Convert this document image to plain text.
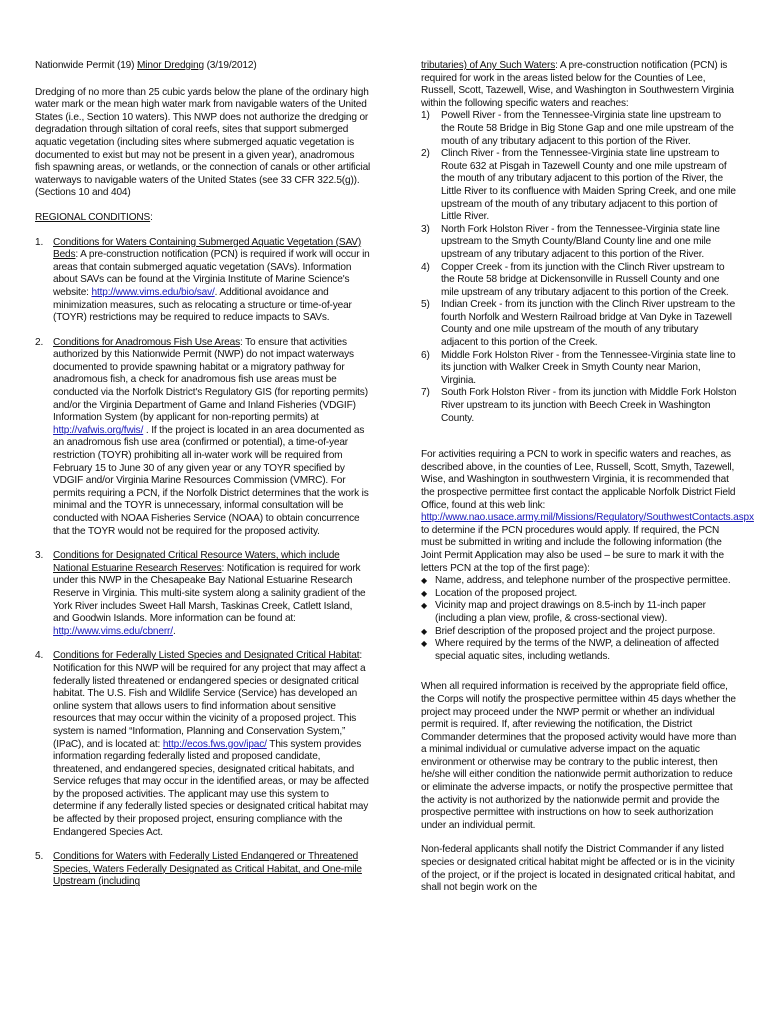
Nationwide Permit (19) Minor Dredging (3/19/2012)

Dredging of no more than 25 cubic yards below the plane of the ordinary high water mark or the mean high water mark from navigable waters of the United States (i.e., Section 10 waters). This NWP does not authorize the dredging or degradation through siltation of coral reefs, sites that support submerged aquatic vegetation (including sites where submerged aquatic vegetation is documented to exist but may not be present in a given year), anadromous fish spawning areas, or wetlands, or the connection of canals or other artificial waterways to navigable waters of the United States (see 33 CFR 322.5(g)). (Sections 10 and 404)

REGIONAL CONDITIONS:

1. Conditions for Waters Containing Submerged Aquatic Vegetation (SAV) Beds: A pre-construction notification (PCN) is required if work will occur in areas that contain submerged aquatic vegetation (SAVs). Information about SAVs can be found at the Virginia Institute of Marine Science's website: http://www.vims.edu/bio/sav/. Additional avoidance and minimization measures, such as relocating a structure or time-of-year (TOYR) restrictions may be required to reduce impacts to SAVs.
2. Conditions for Anadromous Fish Use Areas: To ensure that activities authorized by this Nationwide Permit (NWP) do not impact waterways documented to provide spawning habitat or a migratory pathway for anadromous fish, a check for anadromous fish use areas must be conducted via the Norfolk District's Regulatory GIS (for reporting permits) and/or the Virginia Department of Game and Inland Fisheries (VDGIF) Information System (by applicant for non-reporting permits) at http://vafwis.org/fwis/ . If the project is located in an area documented as an anadromous fish use area (confirmed or potential), a time-of-year restriction (TOYR) prohibiting all in-water work will be required from February 15 to June 30 of any given year or any TOYR specified by VDGIF and/or Virginia Marine Resources Commission (VMRC). For permits requiring a PCN, if the Norfolk District determines that the work is minimal and the TOYR is unnecessary, informal consultation will be conducted with NOAA Fisheries Service (NOAA) to obtain concurrence that the TOYR would not be required for the proposed activity.
3. Conditions for Designated Critical Resource Waters, which include National Estuarine Research Reserves: Notification is required for work under this NWP in the Chesapeake Bay National Estuarine Research Reserve in Virginia. This multi-site system along a salinity gradient of the York River includes Sweet Hall Marsh, Taskinas Creek, Catlett Island, and Goodwin Islands. More information can be found at: http://www.vims.edu/cbnerr/.
4. Conditions for Federally Listed Species and Designated Critical Habitat: Notification for this NWP will be required for any project that may affect a federally listed threatened or endangered species or designated critical habitat. The U.S. Fish and Wildlife Service (Service) has developed an online system that allows users to find information about sensitive resources that may occur within the vicinity of a proposed project. This system is named “Information, Planning and Conservation System,” (IPaC), and is located at: http://ecos.fws.gov/ipac/ This system provides information regarding federally listed and proposed candidate, threatened, and endangered species, designated critical habitats, and Service refuges that may occur in the identified areas, or may be affected by the proposed activities. The applicant may use this system to determine if any federally listed species or designated critical habitat may be affected by their proposed project, ensuring compliance with the Endangered Species Act.
5. Conditions for Waters with Federally Listed Endangered or Threatened Species, Waters Federally Designated as Critical Habitat, and One-mile Upstream (including

tributaries) of Any Such Waters: A pre-construction notification (PCN) is required for work in the areas listed below for the Counties of Lee, Russell, Scott, Tazewell, Wise, and Washington in Southwestern Virginia within the following specific waters and reaches:

1)	Powell River - from the Tennessee-Virginia state line upstream to the Route 58 Bridge in Big Stone Gap and one mile upstream of the mouth of any tributary adjacent to this portion of the River.
2)	Clinch River - from the Tennessee-Virginia state line upstream to Route 632 at Pisgah in Tazewell County and one mile upstream of the mouth of any tributary adjacent to this portion of the River, the Little River to its confluence with Maiden Spring Creek, and one mile upstream of the mouth of any tributary adjacent to this portion of Little River.
3)	North Fork Holston River - from the Tennessee-Virginia state line upstream to the Smyth County/Bland County line and one mile upstream of any tributary adjacent to this portion of the River.
4)	Copper Creek - from its junction with the Clinch River upstream to the Route 58 bridge at Dickensonville in Russell County and one mile upstream of any tributary adjacent to this portion of the Creek.
5)	Indian Creek - from its junction with the Clinch River upstream to the fourth Norfolk and Western Railroad bridge at Van Dyke in Tazewell County and one mile upstream of the mouth of any tributary adjacent to this portion of the Creek.
6)	Middle Fork Holston River - from the Tennessee-Virginia state line to its junction with Walker Creek in Smyth County near Marion, Virginia.
7)	South Fork Holston River - from its junction with Middle Fork Holston River upstream to its junction with Beech Creek in Washington County.

For activities requiring a PCN to work in specific waters and reaches, as described above, in the counties of Lee, Russell, Scott, Smyth, Tazewell, Wise, and Washington in southwestern Virginia, it is recommended that the prospective permittee first contact the applicable Norfolk District Field Office, found at this web link: http://www.nao.usace.army.mil/Missions/Regulatory/SouthwestContacts.aspx to determine if the PCN procedures would apply. If required, the PCN must be submitted in writing and include the following information (the Joint Permit Application may also be used – be sure to mark it with the letters PCN at the top of the first page):

◆ Name, address, and telephone number of the prospective permittee.
◆ Location of the proposed project.
◆ Vicinity map and project drawings on 8.5-inch by 11-inch paper (including a plan view, profile, & cross-sectional view).
◆ Brief description of the proposed project and the project purpose.
◆ Where required by the terms of the NWP, a delineation of affected special aquatic sites, including wetlands.

When all required information is received by the appropriate field office, the Corps will notify the prospective permittee within 45 days whether the project may proceed under the NWP permit or whether an individual permit is required. If, after reviewing the notification, the District Commander determines that the proposed activity would have more than a minimal individual or cumulative adverse impact on the aquatic environment or otherwise may be contrary to the public interest, then he/she will either condition the nationwide permit authorization to reduce or eliminate the adverse impacts, or notify the prospective permittee that the activity is not authorized by the nationwide permit and provide the prospective permittee with instructions on how to seek authorization under an individual permit.

Non-federal applicants shall notify the District Commander if any listed species or designated critical habitat might be affected or is in the vicinity of the project, or if the project is located in designated critical habitat, and shall not begin work on the
